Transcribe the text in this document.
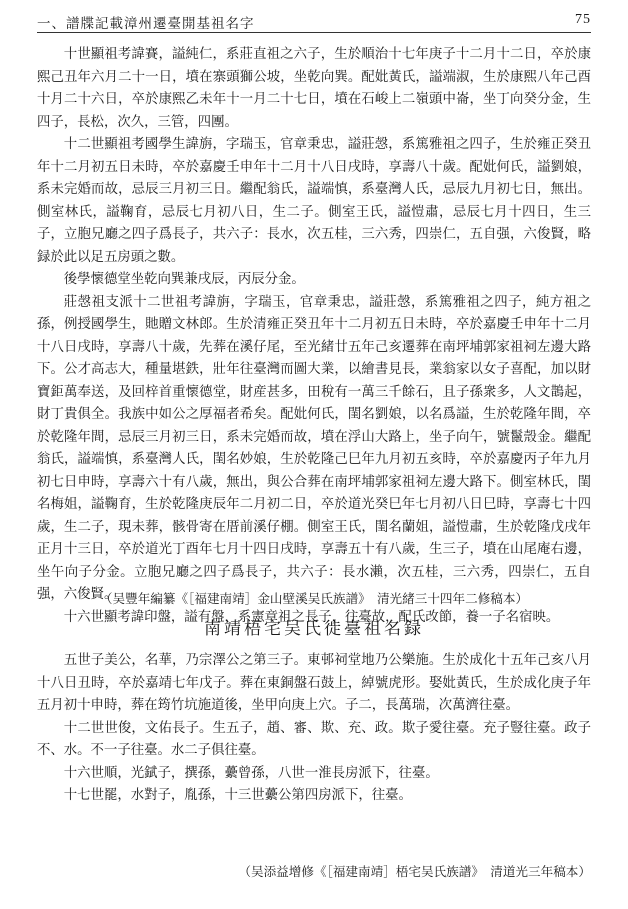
一、譜牒記載漳州遷臺開基祖名字	75

十世顯祖考諱賽，謚純仁，系莊直祖之六子，生於順治十七年庚子十二月十二日，卒於康熙己丑年六月二十一日，墳在寨頭獅公坡，坐乾向巽。配妣黃氏，謚端淑，生於康熙八年己酉十月二十六日，卒於康熙乙未年十一月二十七日，墳在石峻上二嶺頭中崙，坐丁向癸分金，生四子，長松，次久，三管，四團。

十二世顯祖考國學生諱旃，字瑞玉，官章秉忠，謚莊愨，系篤雅祖之四子，生於雍正癸丑年十二月初五日未時，卒於嘉慶壬申年十二月十八日戌時，享壽八十歲。配妣何氏，謚劉娘，系未完婚而故，忌辰三月初三日。繼配翁氏，謚端慎，系臺灣人氏，忌辰九月初七日，無出。側室林氏，謚鞠育，忌辰七月初八日，生二子。側室王氏，謚愷肅，忌辰七月十四日，生三子，立胞兄廳之四子爲長子，共六子：長水，次五桂，三六秀，四崇仁，五自强，六俊賢，略録於此以足五房頭之數。

後學懷德堂坐乾向巽兼戌辰，丙辰分金。

莊愨祖支派十二世祖考諱旃，字瑞玉，官章秉忠，謚莊愨，系篤雅祖之四子，純方祖之孫，例授國學生，貤贈文林郎。生於清雍正癸丑年十二月初五日未時，卒於嘉慶壬申年十二月十八日戌時，享壽八十歲，先葬在溪仔尾，至光緒廿五年己亥遷葬在南坪埔郭家祖祠左邊大路下。公才高志大，種量堪鉄，壯年往臺灣而圖大業，以繪書見長，業翁家以女子喜配，加以財寶鉅萬奉送，及回梓首重懷德堂，財産甚多，田稅有一萬三千餘石，且子孫衆多，人文鵲起，財丁貴俱全。我族中如公之厚福者希矣。配妣何氏，閨名劉娘，以名爲謚，生於乾隆年間，卒於乾隆年間，忌辰三月初三日，系未完婚而故，墳在浮山大路上，坐子向午，號鬣殼金。繼配翁氏，謚端慎，系臺灣人氏，閨名妙娘，生於乾隆己巳年九月初五亥時，卒於嘉慶丙子年九月初七日申時，享壽六十有八歲，無出，與公合葬在南坪埔郭家祖祠左邊大路下。側室林氏，閨名梅姐，謚鞠育，生於乾隆庚辰年二月初二日，卒於道光癸巳年七月初八日巳時，享壽七十四歲，生二子，現未葬，骸骨寄在厝前溪仔棚。側室王氏，閨名蘭姐，謚愷肅，生於乾隆戊戌年正月十三日，卒於道光丁酉年七月十四日戌時，享壽五十有八歲，生三子，墳在山尾庵右邊，坐午向子分金。立胞兄廳之四子爲長子，共六子：長水瀨，次五桂，三六秀，四崇仁，五自强，六俊賢。

十六世顯考諱印盤，謚有盤，系憲章祖之長子，往臺故，配氏改節，養一子名宿映。

（吴豐年編纂《［福建南靖］金山壁溪吴氏族譜》　清光緒三十四年二修稿本）
南靖梧宅吴氏徙臺祖名録

五世子美公，名華，乃宗澤公之第三子。東邨祠堂地乃公樂施。生於成化十五年己亥八月十八日丑時，卒於嘉靖七年戊子。葬在東銅盤石鼓上，綽號虎形。娶妣黃氏，生於成化庚子年五月初十申時，葬在筠竹坑施道後，坐甲向庚上穴。子二，長萬瑞，次萬濟往臺。

十二世世俊，文佑長子。生五子，趙、審、欺、充、政。欺子愛往臺。充子豎往臺。政子不、水。不一子往臺。水二子俱往臺。

十六世順，光錻子，撰孫，虆曾孫，八世一淮長房派下，往臺。

十七世罷，水對子，胤孫，十三世虆公第四房派下，往臺。

（吴添益增修《［福建南靖］梧宅吴氏族譜》　清道光三年稿本）
